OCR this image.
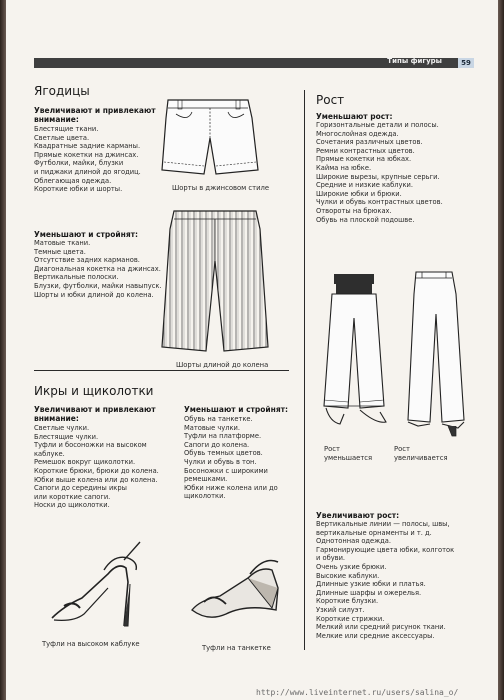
Типы фигуры	59
Ягодицы

Увеличивают и привлекают внимание:

Блестящие ткани.
Светлые цвета.
Квадратные задние карманы.
Прямые кокетки на джинсах.
Футболки, майки, блузки
и пиджаки длиной до ягодиц.
Облегающая одежда.
Короткие юбки и шорты.

Уменьшают и стройнят:

Матовые ткани.
Темные цвета.
Отсутствие задних карманов.
Диагональная кокетка на джинсах.
Вертикальные полоски.
Блузки, футболки, майки навыпуск.
Шорты и юбки длиной до колена.
Шорты в джинсовом стиле
Шорты длиной до колена
Икры и щиколотки

Увеличивают и привлекают внимание:

Светлые чулки.
Блестящие чулки.
Туфли и босоножки на высоком
каблуке.
Ремешок вокруг щиколотки.
Короткие брюки, брюки до колена.
Юбки выше колена или до колена.
Сапоги до середины икры
или короткие сапоги.
Носки до щиколотки.

Уменьшают и стройнят:

Обувь на танкетке.
Матовые чулки.
Туфли на платформе.
Сапоги до колена.
Обувь темных цветов.
Чулки и обувь в тон.
Босоножки с широкими
ремешками.
Юбки ниже колена или до
щиколотки.
Туфли на высоком каблуке	Туфли на танкетке
Рост

Уменьшают рост:

Горизонтальные детали и полосы.
Многослойная одежда.
Сочетания различных цветов.
Ремни контрастных цветов.
Прямые кокетки на юбках.
Кайма на юбке.
Широкие вырезы, крупные серьги.
Средние и низкие каблуки.
Широкие юбки и брюки.
Чулки и обувь контрастных цветов.
Отвороты на брюках.
Обувь на плоской подошве.
Рост уменьшается
Рост увеличивается

Увеличивают рост:

Вертикальные линии — полосы, швы,
вертикальные орнаменты и т. д.
Однотонная одежда.
Гармонирующие цвета юбки, колготок
и обуви.
Очень узкие брюки.
Высокие каблуки.
Длинные узкие юбки и платья.
Длинные шарфы и ожерелья.
Короткие блузки.
Узкий силуэт.
Короткие стрижки.
Мелкий или средний рисунок ткани.
Мелкие или средние аксессуары.
http://www.liveinternet.ru/users/salina_o/
